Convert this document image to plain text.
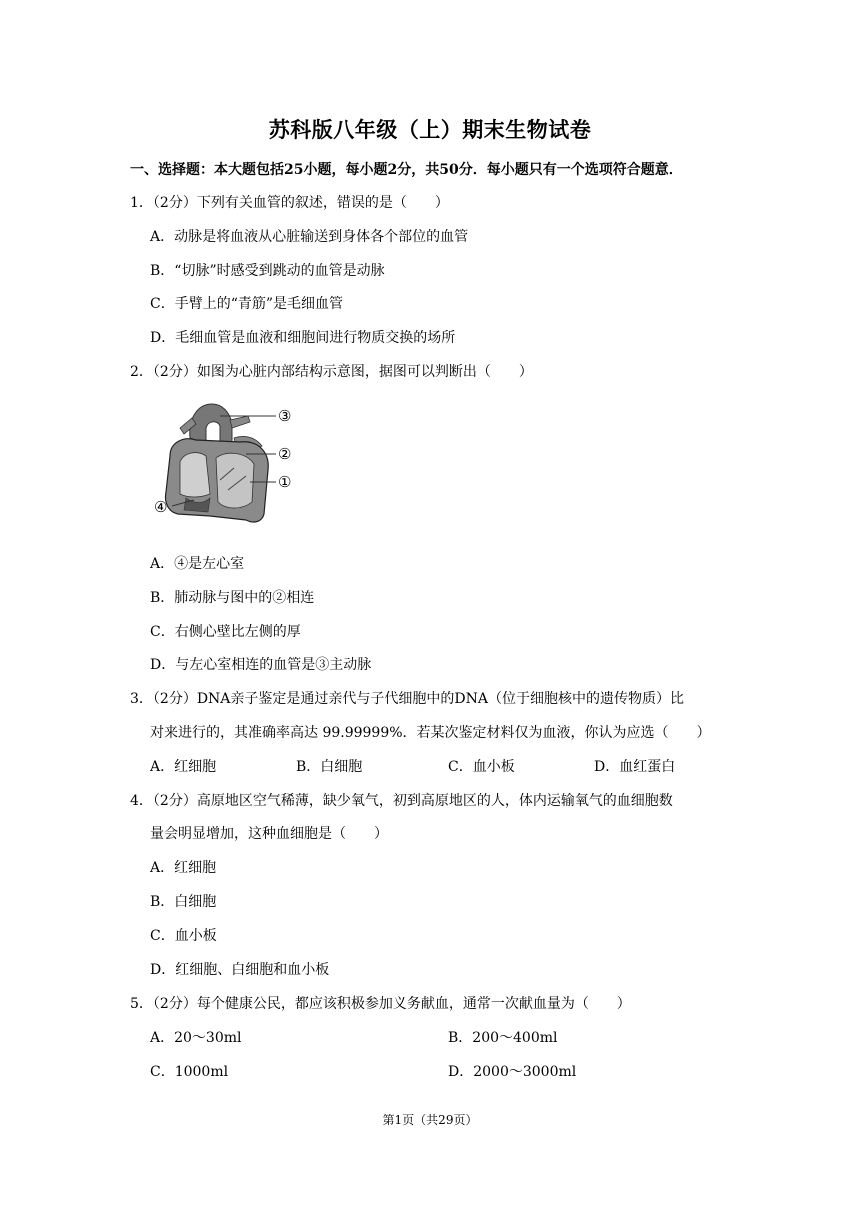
苏科版八年级（上）期末生物试卷
一、选择题：本大题包括25小题，每小题2分，共50分．每小题只有一个选项符合题意．
1．（2分）下列有关血管的叙述，错误的是（　　）
A．动脉是将血液从心脏输送到身体各个部位的血管
B．“切脉”时感受到跳动的血管是动脉
C．手臂上的“青筋”是毛细血管
D．毛细血管是血液和细胞间进行物质交换的场所
2．（2分）如图为心脏内部结构示意图，据图可以判断出（　　）
③
②
①
④
A．④是左心室
B．肺动脉与图中的②相连
C．右侧心壁比左侧的厚
D．与左心室相连的血管是③主动脉
3．（2分）DNA亲子鉴定是通过亲代与子代细胞中的DNA（位于细胞核中的遗传物质）比
对来进行的，其准确率高达 99.99999%．若某次鉴定材料仅为血液，你认为应选（　　）
A．红细胞	B．白细胞	C．血小板	D．血红蛋白
4．（2分）高原地区空气稀薄，缺少氧气，初到高原地区的人，体内运输氧气的血细胞数
量会明显增加，这种血细胞是（　　）
A．红细胞
B．白细胞
C．血小板
D．红细胞、白细胞和血小板
5．（2分）每个健康公民，都应该积极参加义务献血，通常一次献血量为（　　）
A．20～30ml	B．200～400ml
C．1000ml	D．2000～3000ml
第1页（共29页）
